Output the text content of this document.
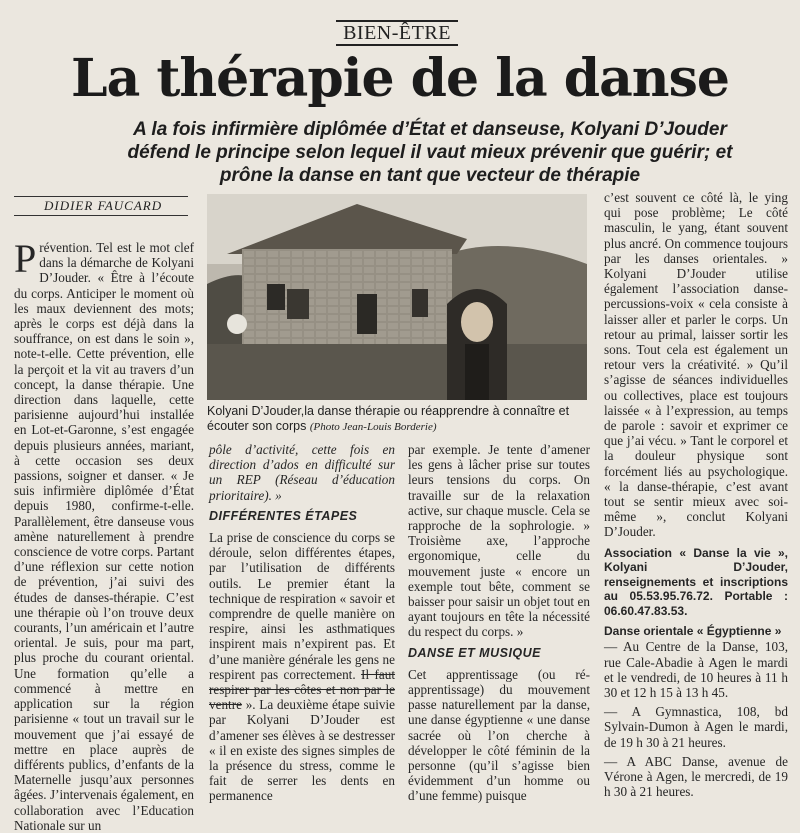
BIEN-ÊTRE
La thérapie de la danse
A la fois infirmière diplômée d’État et danseuse, Kolyani D’Jouder défend le principe selon lequel il vaut mieux prévenir que guérir; et prône la danse en tant que vecteur de thérapie
DIDIER FAUCARD
P révention. Tel est le mot clef dans la démarche de Kolyani D’Jouder. « Être à l’écoute du corps. Anticiper le moment où les maux deviennent des mots; après le corps est déjà dans la souffrance, on est dans le soin », note-t-elle. Cette prévention, elle la perçoit et la vit au travers d’un concept, la danse thérapie. Une direction dans laquelle, cette parisienne aujourd’hui installée en Lot-et-Garonne, s’est engagée depuis plusieurs années, mariant, à cette occasion ses deux passions, soigner et danser. « Je suis infirmière diplômée d’État depuis 1980, confirme-t-elle. Parallèlement, être danseuse vous amène naturellement à prendre conscience de votre corps. Partant d’une réflexion sur cette notion de prévention, j’ai suivi des études de danses-thérapie. C’est une thérapie où l’on trouve deux courants, l’un américain et l’autre oriental. Je suis, pour ma part, plus proche du courant oriental. Une formation qu’elle a commencé à mettre en application sur la région parisienne « tout un travail sur le mouvement que j’ai essayé de mettre en place auprès de différents publics, d’enfants de la Maternelle jusqu’aux personnes âgées. J’intervenais également, en collaboration avec l’Education Nationale sur un

Kolyani D’Jouder,la danse thérapie ou réapprendre à connaître et écouter son corps (Photo Jean-Louis Borderie)

pôle d’activité, cette fois en direction d’ados en difficulté sur un REP (Réseau d’éducation prioritaire). »

DIFFÉRENTES ÉTAPES

La prise de conscience du corps se déroule, selon différentes étapes, par l’utilisation de différents outils. Le premier étant la technique de respiration « savoir et comprendre de quelle manière on respire, ainsi les asthmatiques inspirent mais n’expirent pas. Et d’une manière générale les gens ne respirent pas correctement. Il faut respirer par les côtes et non par le ventre ». La deuxième étape suivie par Kolyani D’Jouder est d’amener ses élèves à se destresser « il en existe des signes simples de la présence du stress, comme le fait de serrer les dents en permanence

par exemple. Je tente d’amener les gens à lâcher prise sur toutes leurs tensions du corps. On travaille sur de la relaxation active, sur chaque muscle. Cela se rapproche de la sophrologie. » Troisième axe, l’approche ergonomique, celle du mouvement juste « encore un exemple tout bête, comment se baisser pour saisir un objet tout en ayant toujours en tête la nécessité du respect du corps. »

DANSE ET MUSIQUE

Cet apprentissage (ou ré-apprentissage) du mouvement passe naturellement par la danse, une danse égyptienne « une danse sacrée où l’on cherche à développer le côté féminin de la personne (qu’il s’agisse bien évidemment d’un homme ou d’une femme) puisque

c’est souvent ce côté là, le ying qui pose problème; Le côté masculin, le yang, étant souvent plus ancré. On commence toujours par les danses orientales. » Kolyani D’Jouder utilise également l’association danse-percussions-voix « cela consiste à laisser aller et parler le corps. Un retour au primal, laisser sortir les sons. Tout cela est également un retour vers la créativité. » Qu’il s’agisse de séances individuelles ou collectives, place est toujours laissée « à l’expression, au temps de parole : savoir et exprimer ce que j’ai vécu. » Tant le corporel et la douleur physique sont forcément liés au psychologique. « la danse-thérapie, c’est avant tout se sentir mieux avec soi-même », conclut Kolyani D’Jouder.

Association « Danse la vie », Kolyani D’Jouder, renseignements et inscriptions au 05.53.95.76.72. Portable : 06.60.47.83.53.

Danse orientale « Égyptienne »

— Au Centre de la Danse, 103, rue Cale-Abadie à Agen le mardi et le vendredi, de 10 heures à 11 h 30 et 12 h 15 à 13 h 45.

— A Gymnastica, 108, bd Sylvain-Dumon à Agen le mardi, de 19 h 30 à 21 heures.

— A ABC Danse, avenue de Vérone à Agen, le mercredi, de 19 h 30 à 21 heures.
